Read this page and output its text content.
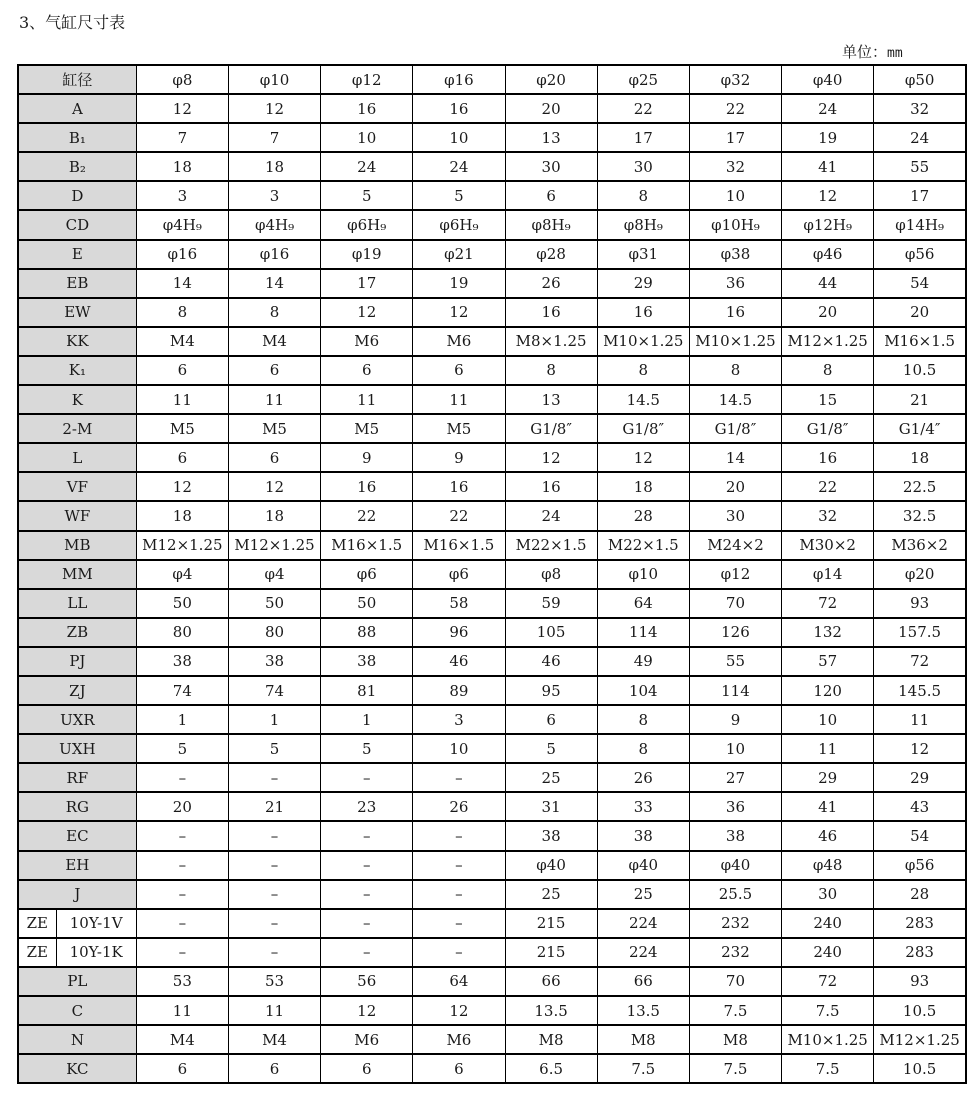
3、气缸尺寸表
单位：mm
缸径		φ8	φ10	φ12	φ16	φ20	φ25	φ32	φ40	φ50
A		12	12	16	16	20	22	22	24	32
B₁		7	7	10	10	13	17	17	19	24
B₂		18	18	24	24	30	30	32	41	55
D		3	3	5	5	6	8	10	12	17
CD		φ4H₉	φ4H₉	φ6H₉	φ6H₉	φ8H₉	φ8H₉	φ10H₉	φ12H₉	φ14H₉
E		φ16	φ16	φ19	φ21	φ28	φ31	φ38	φ46	φ56
EB		14	14	17	19	26	29	36	44	54
EW		8	8	12	12	16	16	16	20	20
KK		M4	M4	M6	M6	M8×1.25	M10×1.25	M10×1.25	M12×1.25	M16×1.5
K₁		6	6	6	6	8	8	8	8	10.5
K		11	11	11	11	13	14.5	14.5	15	21
2-M		M5	M5	M5	M5	G1/8″	G1/8″	G1/8″	G1/8″	G1/4″
L		6	6	9	9	12	12	14	16	18
VF		12	12	16	16	16	18	20	22	22.5
WF		18	18	22	22	24	28	30	32	32.5
MB		M12×1.25	M12×1.25	M16×1.5	M16×1.5	M22×1.5	M22×1.5	M24×2	M30×2	M36×2
MM		φ4	φ4	φ6	φ6	φ8	φ10	φ12	φ14	φ20
LL		50	50	50	58	59	64	70	72	93
ZB		80	80	88	96	105	114	126	132	157.5
PJ		38	38	38	46	46	49	55	57	72
ZJ		74	74	81	89	95	104	114	120	145.5
UXR		1	1	1	3	6	8	9	10	11
UXH		5	5	5	10	5	8	10	11	12
RF		–	–	–	–	25	26	27	29	29
RG		20	21	23	26	31	33	36	41	43
EC		–	–	–	–	38	38	38	46	54
EH		–	–	–	–	φ40	φ40	φ40	φ48	φ56
J		–	–	–	–	25	25	25.5	30	28
ZE	10Y-1V	–	–	–	–	215	224	232	240	283
ZE	10Y-1K	–	–	–	–	215	224	232	240	283
PL		53	53	56	64	66	66	70	72	93
C		11	11	12	12	13.5	13.5	7.5	7.5	10.5
N		M4	M4	M6	M6	M8	M8	M8	M10×1.25	M12×1.25
KC		6	6	6	6	6.5	7.5	7.5	7.5	10.5
